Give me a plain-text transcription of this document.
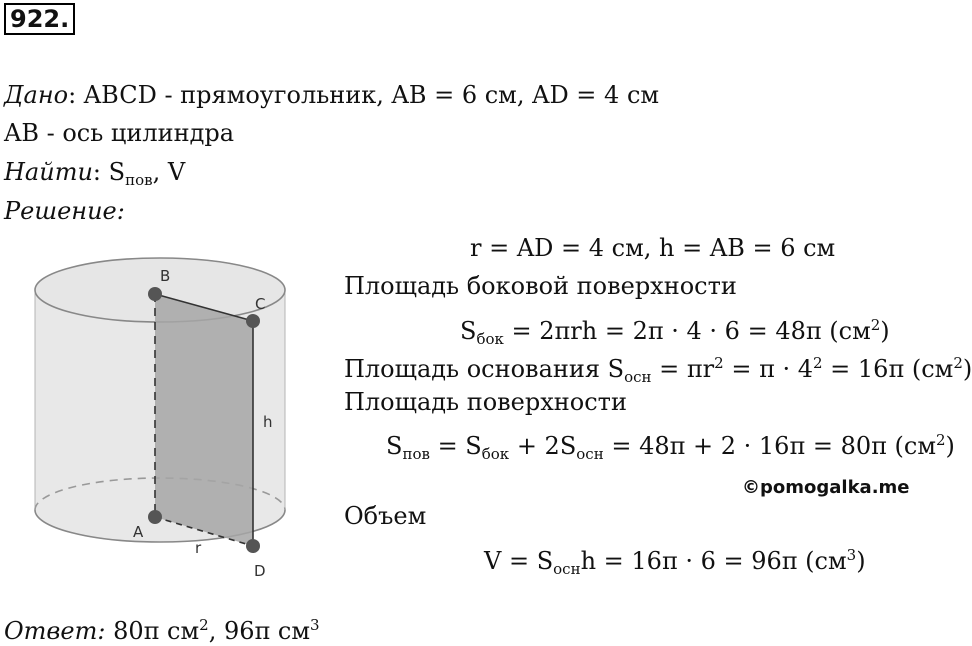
922.
Дано: ABCD - прямоугольник, AB = 6 см, AD = 4 см
AB - ось цилиндра
Найти: $S_{пов}$, V
Решение:
B
C
h
A
r
D
r = AD = 4 см, h = AB = 6 см
Площадь боковой поверхности
$S_{бок} = 2\pi rh = 2\pi \cdot 4 \cdot 6 = 48\pi$ $(см^2)$
Площадь основания $S_{осн} = \pi r^2 = \pi \cdot 4^2 = 16\pi$ $(см^2)$
Площадь поверхности
$S_{пов} = S_{бок} + 2S_{осн} = 48\pi + 2 \cdot 16\pi = 80\pi$ $(см^2)$
©pomogalka.me
Объем
$V = S_{осн}h = 16\pi \cdot 6 = 96\pi$ $(см^3)$
Ответ: 80π $см^2$, 96π $см^3$
